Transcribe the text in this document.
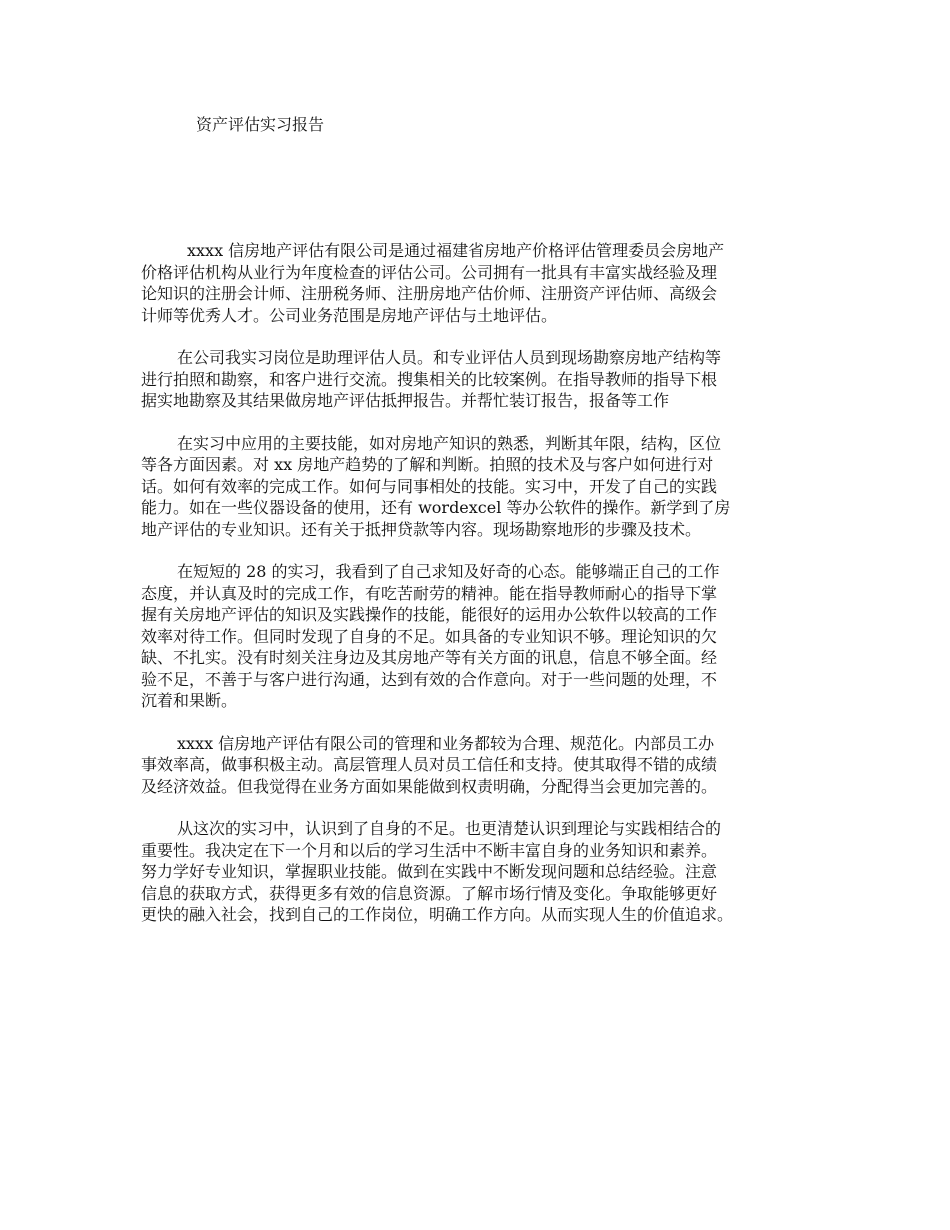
资产评估实习报告

xxxx 信房地产评估有限公司是通过福建省房地产价格评估管理委员会房地产
价格评估机构从业行为年度检查的评估公司。公司拥有一批具有丰富实战经验及理
论知识的注册会计师、注册税务师、注册房地产估价师、注册资产评估师、高级会
计师等优秀人才。公司业务范围是房地产评估与土地评估。

在公司我实习岗位是助理评估人员。和专业评估人员到现场勘察房地产结构等
进行拍照和勘察，和客户进行交流。搜集相关的比较案例。在指导教师的指导下根
据实地勘察及其结果做房地产评估抵押报告。并帮忙装订报告，报备等工作

在实习中应用的主要技能，如对房地产知识的熟悉，判断其年限，结构，区位
等各方面因素。对 xx 房地产趋势的了解和判断。拍照的技术及与客户如何进行对
话。如何有效率的完成工作。如何与同事相处的技能。实习中，开发了自己的实践
能力。如在一些仪器设备的使用，还有 wordexcel 等办公软件的操作。新学到了房
地产评估的专业知识。还有关于抵押贷款等内容。现场勘察地形的步骤及技术。

在短短的 28 的实习，我看到了自己求知及好奇的心态。能够端正自己的工作
态度，并认真及时的完成工作，有吃苦耐劳的精神。能在指导教师耐心的指导下掌
握有关房地产评估的知识及实践操作的技能，能很好的运用办公软件以较高的工作
效率对待工作。但同时发现了自身的不足。如具备的专业知识不够。理论知识的欠
缺、不扎实。没有时刻关注身边及其房地产等有关方面的讯息，信息不够全面。经
验不足，不善于与客户进行沟通，达到有效的合作意向。对于一些问题的处理，不
沉着和果断。

xxxx 信房地产评估有限公司的管理和业务都较为合理、规范化。内部员工办
事效率高，做事积极主动。高层管理人员对员工信任和支持。使其取得不错的成绩
及经济效益。但我觉得在业务方面如果能做到权责明确，分配得当会更加完善的。

从这次的实习中，认识到了自身的不足。也更清楚认识到理论与实践相结合的
重要性。我决定在下一个月和以后的学习生活中不断丰富自身的业务知识和素养。
努力学好专业知识，掌握职业技能。做到在实践中不断发现问题和总结经验。注意
信息的获取方式，获得更多有效的信息资源。了解市场行情及变化。争取能够更好
更快的融入社会，找到自己的工作岗位，明确工作方向。从而实现人生的价值追求。
